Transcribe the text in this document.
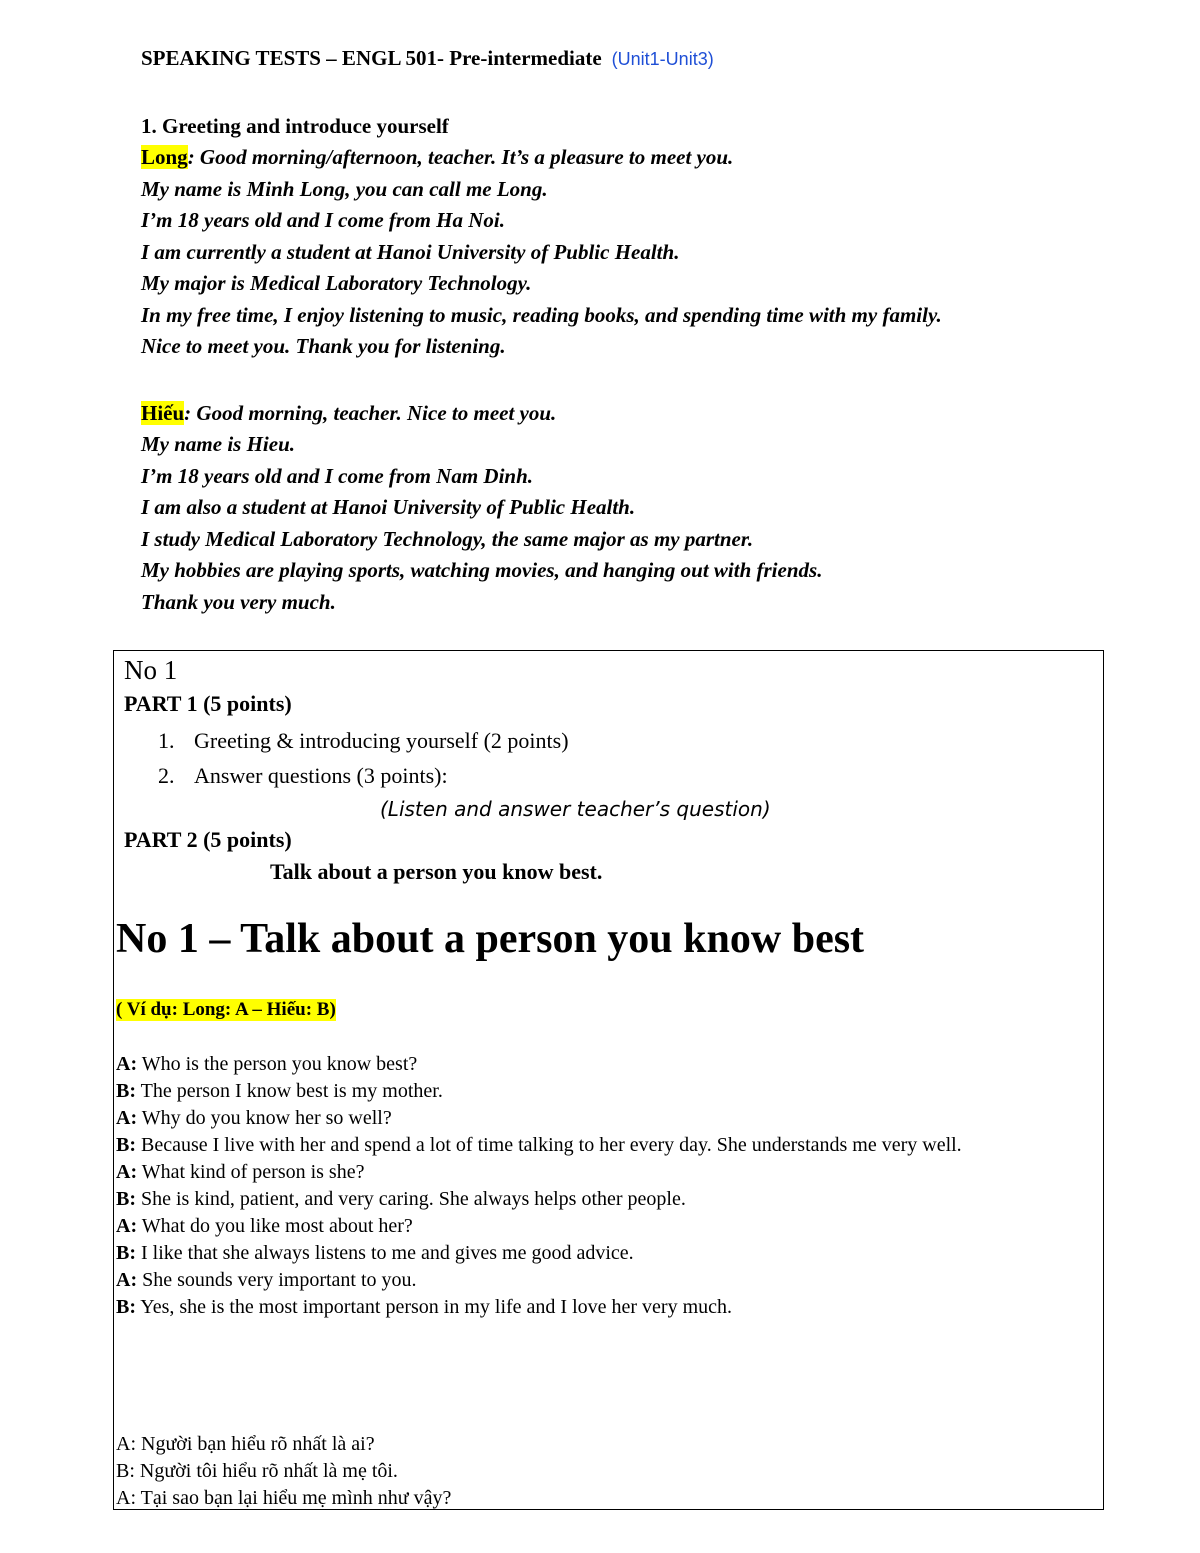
SPEAKING TESTS – ENGL 501- Pre-intermediate (Unit1-Unit3)

1. Greeting and introduce yourself

Long: Good morning/afternoon, teacher. It’s a pleasure to meet you.
My name is Minh Long, you can call me Long.
I’m 18 years old and I come from Ha Noi.
I am currently a student at Hanoi University of Public Health.
My major is Medical Laboratory Technology.
In my free time, I enjoy listening to music, reading books, and spending time with my family.
Nice to meet you. Thank you for listening.

Hiếu: Good morning, teacher. Nice to meet you.
My name is Hieu.
I’m 18 years old and I come from Nam Dinh.
I am also a student at Hanoi University of Public Health.
I study Medical Laboratory Technology, the same major as my partner.
My hobbies are playing sports, watching movies, and hanging out with friends.
Thank you very much.

No 1
PART 1 (5 points)
1. Greeting & introducing yourself (2 points)
2. Answer questions (3 points):
(Listen and answer teacher’s question)
PART 2 (5 points)
Talk about a person you know best.
No 1 – Talk about a person you know best
( Ví dụ: Long: A – Hiếu: B)
A: Who is the person you know best?
B: The person I know best is my mother.
A: Why do you know her so well?
B: Because I live with her and spend a lot of time talking to her every day. She understands me very well.
A: What kind of person is she?
B: She is kind, patient, and very caring. She always helps other people.
A: What do you like most about her?
B: I like that she always listens to me and gives me good advice.
A: She sounds very important to you.
B: Yes, she is the most important person in my life and I love her very much.
A: Người bạn hiểu rõ nhất là ai?
B: Người tôi hiểu rõ nhất là mẹ tôi.
A: Tại sao bạn lại hiểu mẹ mình như vậy?
